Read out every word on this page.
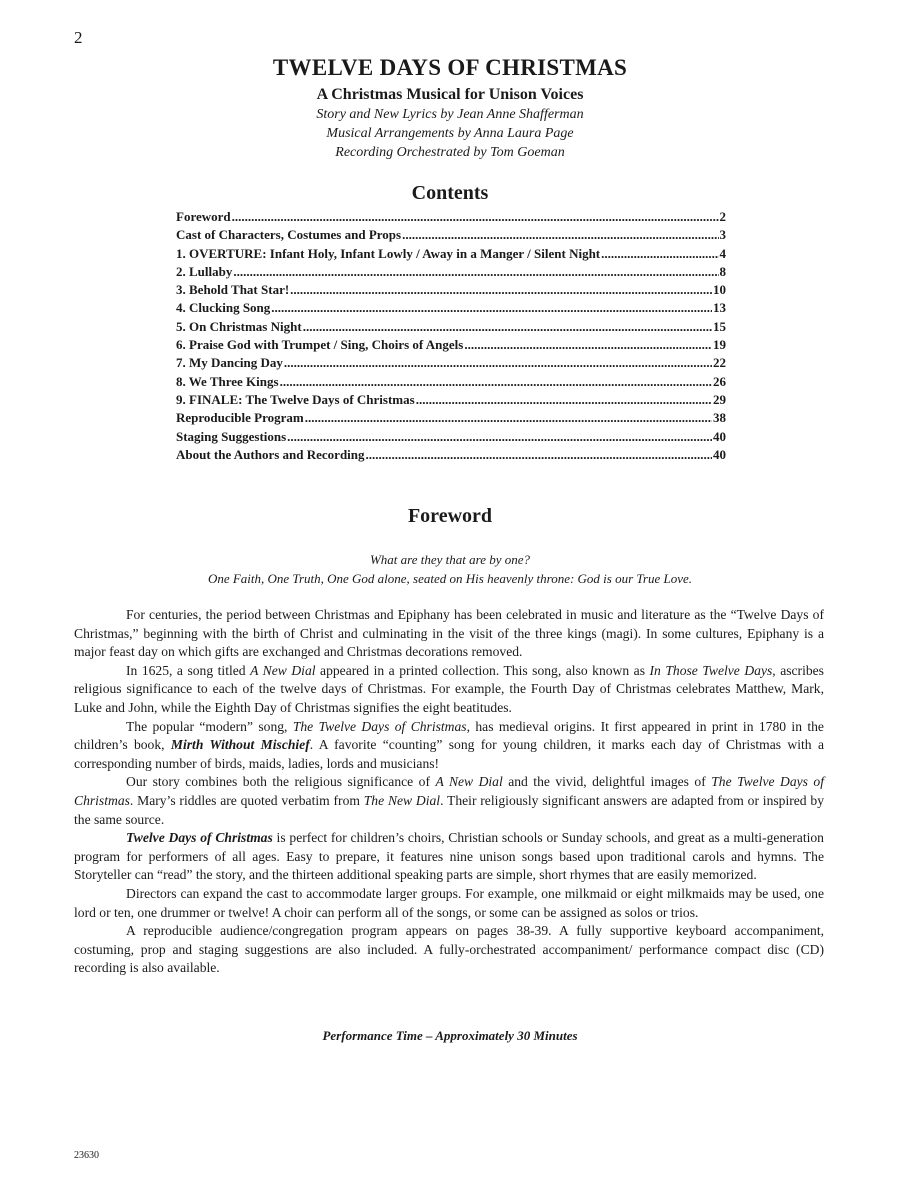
2
TWELVE DAYS OF CHRISTMAS

A Christmas Musical for Unison Voices

Story and New Lyrics by Jean Anne Shafferman

Musical Arrangements by Anna Laura Page

Recording Orchestrated by Tom Goeman

Contents
Foreword .....	2
Cast of Characters, Costumes and Props .....	3
1. OVERTURE: Infant Holy, Infant Lowly / Away in a Manger / Silent Night .....	4
2. Lullaby .....	8
3. Behold That Star! .....	10
4. Clucking Song .....	13
5. On Christmas Night .....	15
6. Praise God with Trumpet / Sing, Choirs of Angels .....	19
7. My Dancing Day .....	22
8. We Three Kings .....	26
9. FINALE: The Twelve Days of Christmas .....	29
Reproducible Program .....	38
Staging Suggestions .....	40
About the Authors and Recording .....	40
Foreword
What are they that are by one?
One Faith, One Truth, One God alone, seated on His heavenly throne: God is our True Love.

For centuries, the period between Christmas and Epiphany has been celebrated in music and literature as the “Twelve Days of Christmas,” beginning with the birth of Christ and culminating in the visit of the three kings (magi). In some cultures, Epiphany is a major feast day on which gifts are exchanged and Christmas decorations removed.

In 1625, a song titled A New Dial appeared in a printed collection. This song, also known as In Those Twelve Days, ascribes religious significance to each of the twelve days of Christmas. For example, the Fourth Day of Christmas celebrates Matthew, Mark, Luke and John, while the Eighth Day of Christmas signifies the eight beatitudes.

The popular “modern” song, The Twelve Days of Christmas, has medieval origins. It first appeared in print in 1780 in the children’s book, Mirth Without Mischief. A favorite “counting” song for young children, it marks each day of Christmas with a corresponding number of birds, maids, ladies, lords and musicians!

Our story combines both the religious significance of A New Dial and the vivid, delightful images of The Twelve Days of Christmas. Mary’s riddles are quoted verbatim from The New Dial. Their religiously significant answers are adapted from or inspired by the same source.

Twelve Days of Christmas is perfect for children’s choirs, Christian schools or Sunday schools, and great as a multi-generation program for performers of all ages. Easy to prepare, it features nine unison songs based upon traditional carols and hymns. The Storyteller can “read” the story, and the thirteen additional speaking parts are simple, short rhymes that are easily memorized.

Directors can expand the cast to accommodate larger groups. For example, one milkmaid or eight milkmaids may be used, one lord or ten, one drummer or twelve! A choir can perform all of the songs, or some can be assigned as solos or trios.

A reproducible audience/congregation program appears on pages 38-39. A fully supportive keyboard accompaniment, costuming, prop and staging suggestions are also included. A fully-orchestrated accompaniment/ performance compact disc (CD) recording is also available.

Performance Time – Approximately 30 Minutes
23630
